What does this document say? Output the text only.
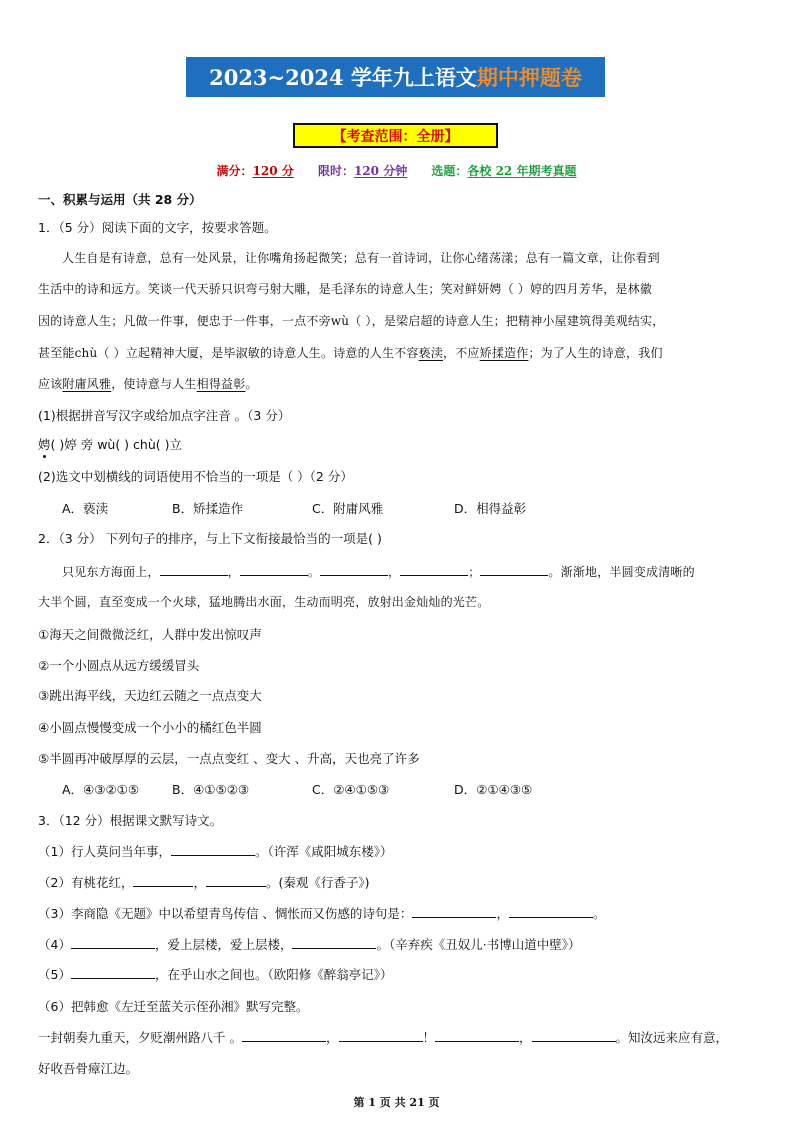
2023~2024 学年九上语文 期中押题卷
【考查范围：全册】
满分：120 分 限时：120 分钟 选题：各校 22 年期考真题
一、积累与运用（共 28 分）
1．（5 分）阅读下面的文字，按要求答题。
人生自是有诗意，总有一处风景，让你嘴角扬起微笑；总有一首诗词，让你心绪荡漾；总有一篇文章，让你看到
生活中的诗和远方。笑谈一代天骄只识弯弓射大雕，是毛泽东的诗意人生；笑对鲜妍娉（ ）婷的四月芳华，是林徽
因的诗意人生；凡做一件事，便忠于一件事，一点不旁wù（ ），是梁启超的诗意人生；把精神小屋建筑得美观结实，
甚至能chù（ ）立起精神大厦，是毕淑敏的诗意人生。诗意的人生不容亵渎，不应矫揉造作；为了人生的诗意，我们
应该附庸风雅，使诗意与人生相得益彰。
(1)根据拼音写汉字或给加点字注音 。（3 分）
娉( )婷 旁 wù( ) chù( )立
(2)选文中划横线的词语使用不恰当的一项是（ ）（2 分）
A．亵渎	B．矫揉造作	C．附庸风雅	D．相得益彰
2．（3 分） 下列句子的排序，与上下文衔接最恰当的一项是( )
只见东方海面上，	，	。	，	；	。渐渐地，半圆变成清晰的
大半个圆，直至变成一个火球，猛地腾出水面，生动而明亮，放射出金灿灿的光芒。
①海天之间微微泛红，人群中发出惊叹声
②一个小圆点从远方缓缓冒头
③跳出海平线，天边红云随之一点点变大
④小圆点慢慢变成一个小小的橘红色半圆
⑤半圆再冲破厚厚的云层，一点点变红 、变大 、升高，天也亮了许多
A．④③②①⑤	B．④①⑤②③	C．②④①⑤③	D．②①④③⑤
3．（12 分）根据课文默写诗文。
（1）行人莫问当年事，	。（许浑《咸阳城东楼》）
（2）有桃花红，	，	。(秦观《行香子》)
（3）李商隐《无题》中以希望青鸟传信 、惆怅而又伤感的诗句是：	，	。
（4）	，爱上层楼，爱上层楼，	。（辛弃疾《丑奴儿·书博山道中壁》）
（5）	，在乎山水之间也。（欧阳修《醉翁亭记》）
（6）把韩愈《左迁至蓝关示侄孙湘》默写完整。
一封朝奏九重天，夕贬潮州路八千 。	，	！	，	。知汝远来应有意，
好收吾骨瘴江边。
第 1 页 共 21 页
